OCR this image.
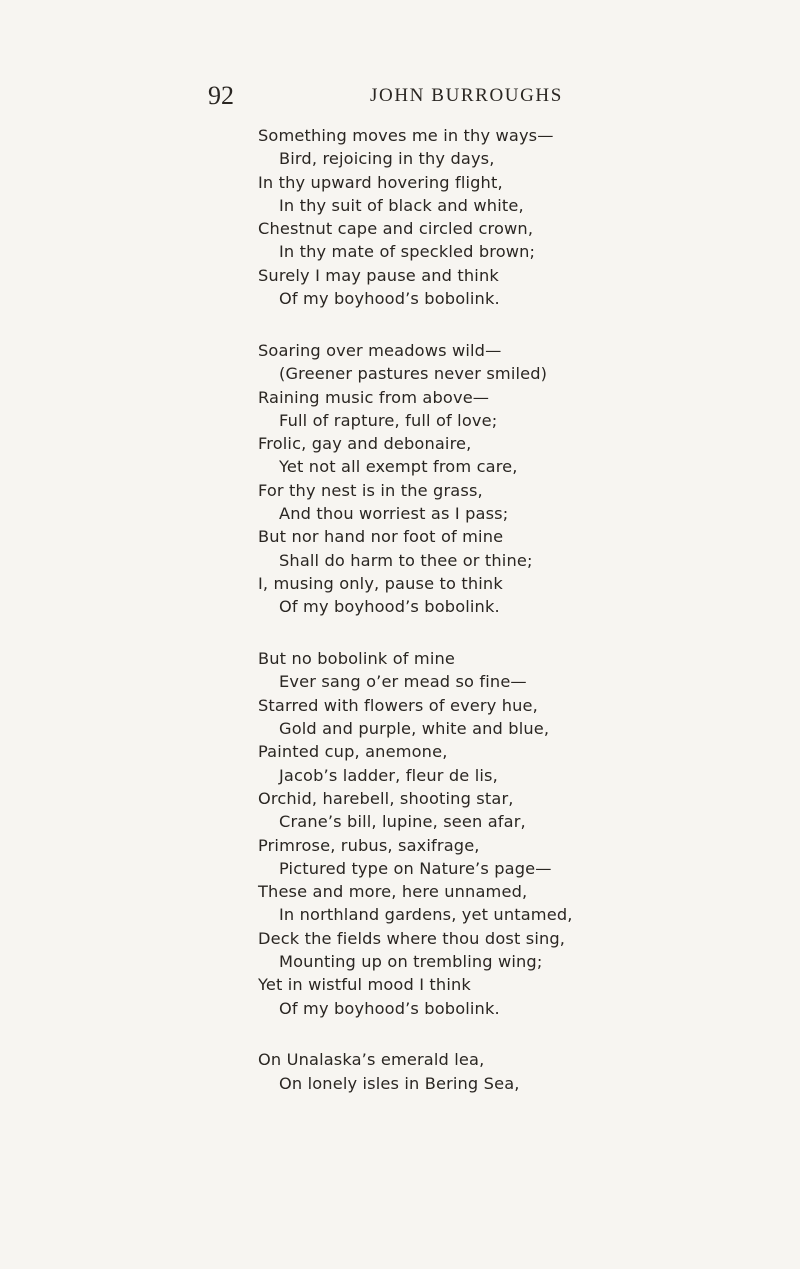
92	JOHN BURROUGHS
Something moves me in thy ways—
Bird, rejoicing in thy days,
In thy upward hovering flight,
In thy suit of black and white,
Chestnut cape and circled crown,
In thy mate of speckled brown;
Surely I may pause and think
Of my boyhood’s bobolink.
Soaring over meadows wild—
(Greener pastures never smiled)
Raining music from above—
Full of rapture, full of love;
Frolic, gay and debonaire,
Yet not all exempt from care,
For thy nest is in the grass,
And thou worriest as I pass;
But nor hand nor foot of mine
Shall do harm to thee or thine;
I, musing only, pause to think
Of my boyhood’s bobolink.
But no bobolink of mine
Ever sang o’er mead so fine—
Starred with flowers of every hue,
Gold and purple, white and blue,
Painted cup, anemone,
Jacob’s ladder, fleur de lis,
Orchid, harebell, shooting star,
Crane’s bill, lupine, seen afar,
Primrose, rubus, saxifrage,
Pictured type on Nature’s page—
These and more, here unnamed,
In northland gardens, yet untamed,
Deck the fields where thou dost sing,
Mounting up on trembling wing;
Yet in wistful mood I think
Of my boyhood’s bobolink.
On Unalaska’s emerald lea,
On lonely isles in Bering Sea,
